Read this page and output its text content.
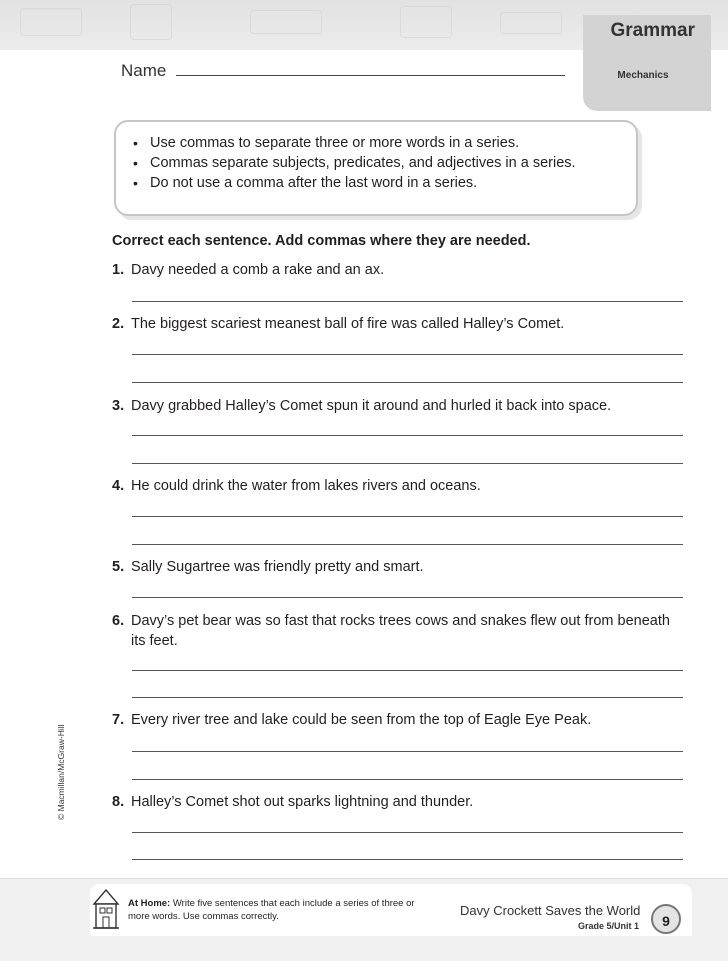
Grammar
Mechanics
Name
• Use commas to separate three or more words in a series.
• Commas separate subjects, predicates, and adjectives in a series.
• Do not use a comma after the last word in a series.
Correct each sentence. Add commas where they are needed.
1. Davy needed a comb a rake and an ax.
2. The biggest scariest meanest ball of fire was called Halley’s Comet.
3. Davy grabbed Halley’s Comet spun it around and hurled it back into space.
4. He could drink the water from lakes rivers and oceans.
5. Sally Sugartree was friendly pretty and smart.
6. Davy’s pet bear was so fast that rocks trees cows and snakes flew out from beneath its feet.
7. Every river tree and lake could be seen from the top of Eagle Eye Peak.
8. Halley’s Comet shot out sparks lightning and thunder.
© Macmillan/McGraw-Hill
At Home: Write five sentences that each include a series of three or more words. Use commas correctly.	Davy Crockett Saves the World
Grade 5/Unit 1	9
